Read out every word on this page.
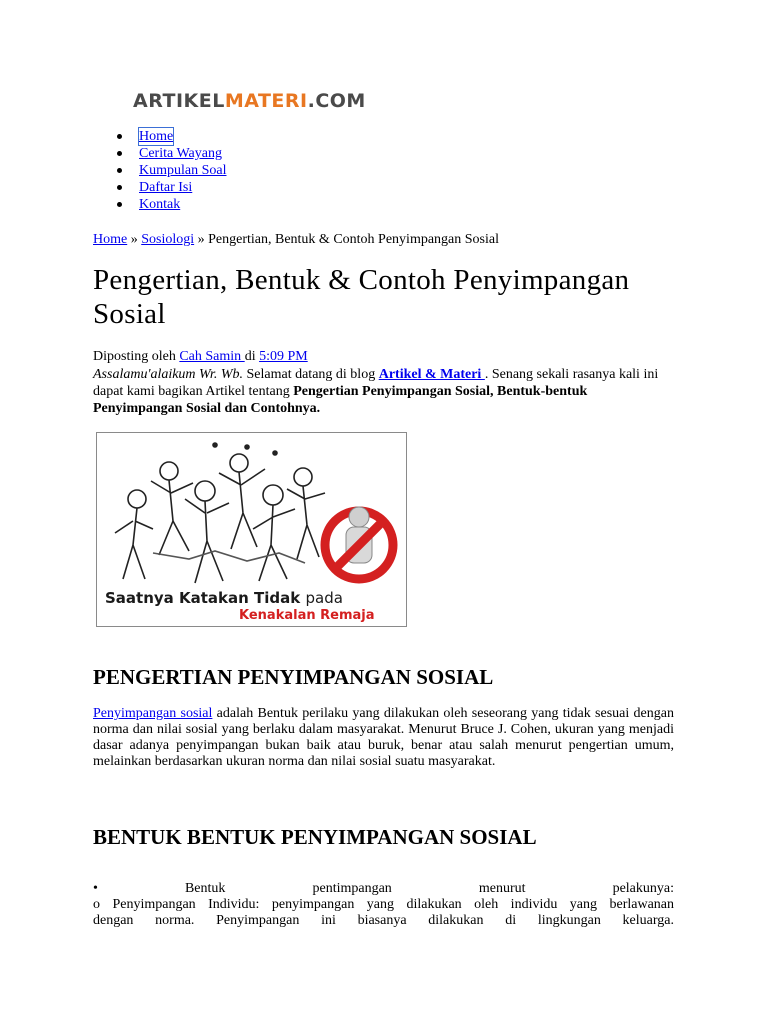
ARTIKELMATERI.COM
Home
Cerita Wayang
Kumpulan Soal
Daftar Isi
Kontak
Home » Sosiologi » Pengertian, Bentuk & Contoh Penyimpangan Sosial
Pengertian, Bentuk & Contoh Penyimpangan Sosial
Diposting oleh Cah Samin di 5:09 PM

Assalamu'alaikum Wr. Wb. Selamat datang di blog Artikel & Materi . Senang sekali rasanya kali ini dapat kami bagikan Artikel tentang Pengertian Penyimpangan Sosial, Bentuk-bentuk Penyimpangan Sosial dan Contohnya.

Saatnya Katakan Tidak pada
Kenakalan Remaja
PENGERTIAN PENYIMPANGAN SOSIAL

Penyimpangan sosial adalah Bentuk perilaku yang dilakukan oleh seseorang yang tidak sesuai dengan norma dan nilai sosial yang berlaku dalam masyarakat. Menurut Bruce J. Cohen, ukuran yang menjadi dasar adanya penyimpangan bukan baik atau buruk, benar atau salah menurut pengertian umum, melainkan berdasarkan ukuran norma dan nilai sosial suatu masyarakat.

BENTUK BENTUK PENYIMPANGAN SOSIAL
•	Bentuk	pentimpangan	menurut	pelakunya:
o Penyimpangan Individu: penyimpangan yang dilakukan oleh individu yang berlawanan
dengan norma. Penyimpangan ini biasanya dilakukan di lingkungan keluarga.
